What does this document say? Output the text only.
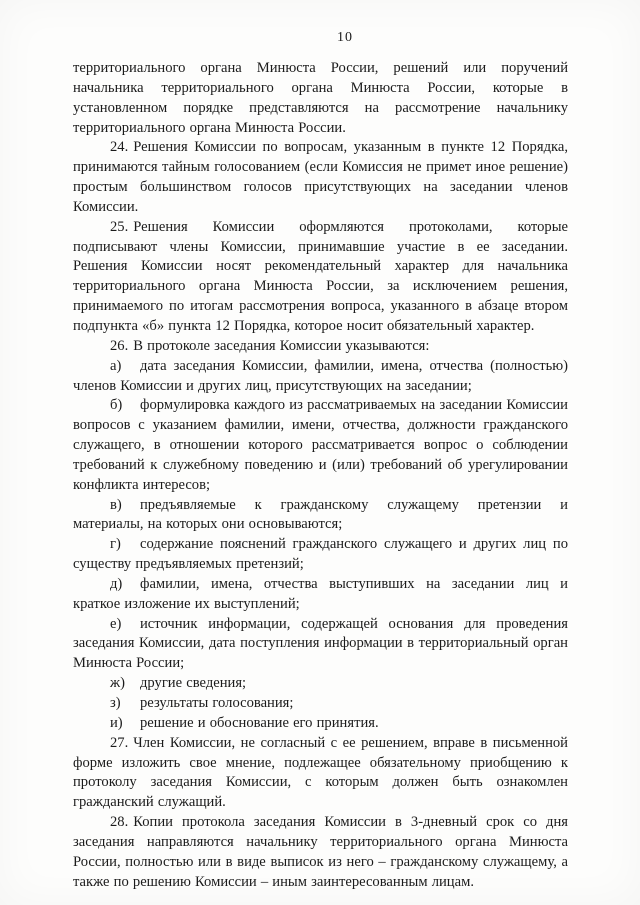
10

территориального органа Минюста России, решений или поручений начальника территориального органа Минюста России, которые в установленном порядке представляются на рассмотрение начальнику территориального органа Минюста России.

24. Решения Комиссии по вопросам, указанным в пункте 12 Порядка, принимаются тайным голосованием (если Комиссия не примет иное решение) простым большинством голосов присутствующих на заседании членов Комиссии.

25. Решения Комиссии оформляются протоколами, которые подписывают члены Комиссии, принимавшие участие в ее заседании. Решения Комиссии носят рекомендательный характер для начальника территориального органа Минюста России, за исключением решения, принимаемого по итогам рассмотрения вопроса, указанного в абзаце втором подпункта «б» пункта 12 Порядка, которое носит обязательный характер.

26. В протоколе заседания Комиссии указываются:

а) дата заседания Комиссии, фамилии, имена, отчества (полностью) членов Комиссии и других лиц, присутствующих на заседании;

б) формулировка каждого из рассматриваемых на заседании Комиссии вопросов с указанием фамилии, имени, отчества, должности гражданского служащего, в отношении которого рассматривается вопрос о соблюдении требований к служебному поведению и (или) требований об урегулировании конфликта интересов;

в) предъявляемые к гражданскому служащему претензии и материалы, на которых они основываются;

г) содержание пояснений гражданского служащего и других лиц по существу предъявляемых претензий;

д) фамилии, имена, отчества выступивших на заседании лиц и краткое изложение их выступлений;

е) источник информации, содержащей основания для проведения заседания Комиссии, дата поступления информации в территориальный орган Минюста России;

ж) другие сведения;

з) результаты голосования;

и) решение и обоснование его принятия.

27. Член Комиссии, не согласный с ее решением, вправе в письменной форме изложить свое мнение, подлежащее обязательному приобщению к протоколу заседания Комиссии, с которым должен быть ознакомлен гражданский служащий.

28. Копии протокола заседания Комиссии в 3-дневный срок со дня заседания направляются начальнику территориального органа Минюста России, полностью или в виде выписок из него – гражданскому служащему, а также по решению Комиссии – иным заинтересованным лицам.
